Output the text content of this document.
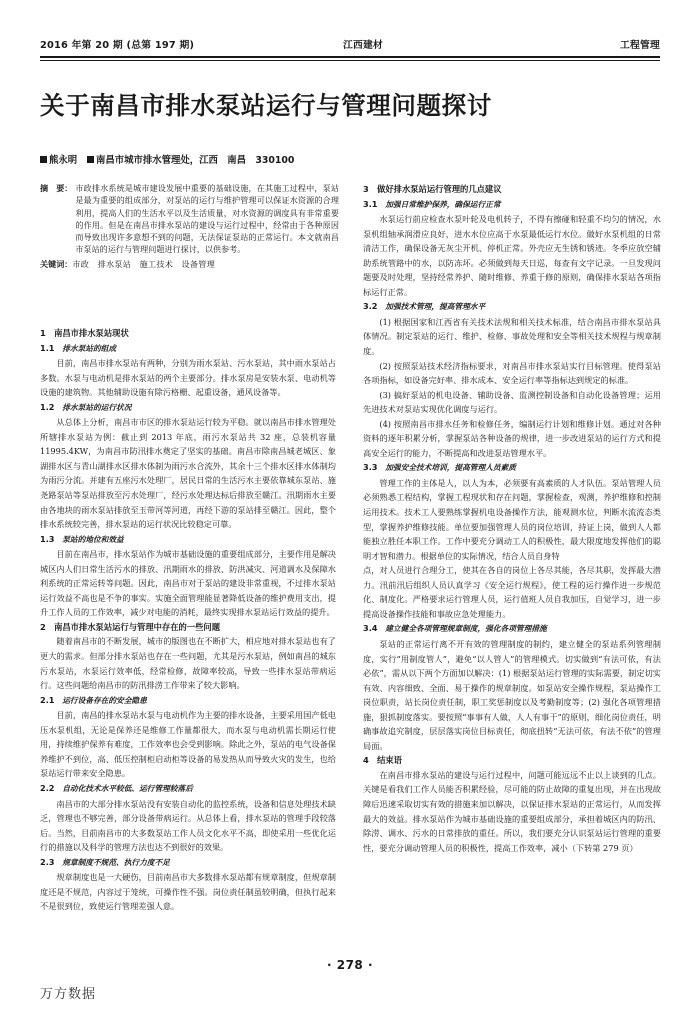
2016 年第 20 期 (总第 197 期)	江西建材	工程管理
关于南昌市排水泵站运行与管理问题探讨
熊永明 南昌市城市排水管理处，江西　南昌　330100
摘　要： 市政排水系统是城市建设发展中重要的基础设施，在其施工过程中，泵站是最为重要的组成部分，对泵站的运行与维护管理可以保证水资源的合理利用，提高人们的生活水平以及生活质量，对水资源的调度具有非常重要的作用。但是在南昌市排水泵站的建设与运行过程中，经常由于各种原因而导致出现许多意想不到的问题，无法保证泵站的正常运行。本文就南昌市泵站的运行与管理问题进行探讨，以供参考。
关键词： 市政　排水泵站　施工技术　设备管理
1　南昌市排水泵站现状
1.1  排水泵站的组成
目前，南昌市排水泵站有两种，分别为雨水泵站、污水泵站，其中雨水泵站占多数。水泵与电动机是排水泵站的两个主要部分。排水泵房是安装水泵、电动机等设施的建筑物。其他辅助设施有除污格栅、起重设备，通风设备等。
1.2  排水泵站的运行状况
从总体上分析，南昌市市区的排水泵站运行较为平稳。就以南昌市排水管理处所辖排水泵站为例：截止到 2013 年底，雨污水泵站共 32 座，总装机容量 11995.4KW，为南昌市防汛排水奠定了坚实的基础。南昌市除南昌城老城区、象湖排水区与青山湖排水区排水体制为雨污水合流外，其余十三个排水区排水体制均为雨污分流。并建有五座污水处理厂，居民日常的生活污水主要依靠城东泵站、施尧路泵站等泵站排放至污水处理厂，经污水处理达标后排放至赣江。汛期雨水主要由各地块的雨水泵站排放至玉带河等河道，再经下游的泵站排至赣江。因此，整个排水系统较完善，排水泵站的运行状况比较稳定可靠。
1.3  泵站的地位和效益
目前在南昌市，排水泵站作为城市基础设施的重要组成部分，主要作用是解决城区内人们日常生活污水的排放、汛期雨水的排放、防洪减灾、河道调水及保障水利系统的正常运转等问题。因此，南昌市对于泵站的建设非常重视，不过排水泵站运行效益不高也是不争的事实。实施全面管理能显著降低设备的维护费用支出，提升工作人员的工作效率，减少对电能的消耗，最终实现排水泵站运行效益的提升。
2　南昌市排水泵站运行与管理中存在的一些问题
随着南昌市的不断发展，城市的版图也在不断扩大，相应地对排水泵站也有了更大的需求。但部分排水泵站也存在一些问题，尤其是污水泵站，例如南昌的城东污水泵站，水泵运行效率低，经常检修，故障率较高，导致一些排水泵站带病运行。这些问题给南昌市的防汛排涝工作带来了较大影响。
2.1  运行设备存在的安全隐患
目前，南昌的排水泵站水泵与电动机作为主要的排水设备，主要采用国产低电压水泵机组，无论是保养还是维修工作量都很大，而水泵与电动机需长期运行使用，持续维护保养有难度，工作效率也会受到影响。除此之外，泵站的电气设备保养维护不到位，高、低压控制柜启动柜等设备的易发热从而导致火灾的发生，也给泵站运行带来安全隐患。
2.2  自动化技术水平较低、运行管理较落后
南昌市的大部分排水泵站没有安装自动化的监控系统，设备和信息处理技术缺乏，管理也不够完善，部分设备带病运行。从总体上看，排水泵站的管理手段较落后。当然，目前南昌市的大多数泵站工作人员文化水平不高，即使采用一些优化运行的措施以及科学的管理方法也达不到很好的效果。
2.3  规章制度不规范、执行力度不足
规章制度也是一大硬伤，目前南昌市大多数排水泵站都有规章制度，但规章制度还是不规范，内容过于笼统，可操作性不强。岗位责任制虽较明确，但执行起来不是很到位，致使运行管理差强人意。
3　做好排水泵站运行管理的几点建议
3.1  加强日常维护保养，确保运行正常
水泵运行前应检查水泵叶轮及电机转子，不得有擦碰和轻重不均匀的情况，水泵机组轴承润滑应良好，进水水位应高于水泵最低运行水位。做好水泵机组的日常清洁工作，确保设备无灰尘开机、停机正常。外壳应无生锈和锈迹。冬季应放空辅助系统管路中的水，以防冻坏。必须做到每天日巡，每查有文字记录。一旦发现问题要及时处理，坚持经常养护、随时维修、养重于修的原则，确保排水泵站各项指标运行正常。
3.2  加强技术管理，提高管理水平
(1) 根据国家和江西省有关技术法规和相关技术标准，结合南昌市排水泵站具体情况。制定泵站的运行、维护、检修、事故处理和安全等相关技术规程与规章制度。
(2) 按照泵站技术经济指标要求，对南昌市排水泵站实行目标管理。使得泵站各项指标，如设备完好率、排水成本、安全运行率等指标达到规定的标准。
(3) 搞好泵站的机电设备、辅助设备、监测控制设备和自动化设备管理；运用先进技术对泵站实现优化调度与运行。
(4) 按照南昌市排水任务和检修任务，编制运行计划和维修计划。通过对各种资料的逐年积累分析，掌握泵站各种设备的规律，进一步改进泵站的运行方式和提高安全运行的能力，不断提高和改进泵站管理水平。
3.3  加强安全技术培训，提高管理人员素质
管理工作的主体是人，以人为本，必须要有高素质的人才队伍。泵站管理人员必须熟悉工程结构，掌握工程现状和存在问题，掌握检查，观测，养护维修和控制运用技术。技术工人要熟练掌握机电设备操作方法，能观测水位，判断水流流态类型，掌握养护维修技能。单位要加强管理人员的岗位培训，持证上岗，做到人人都能独立胜任本职工作。工作中要充分调动工人的积极性，最大限度地发挥他们的聪明才智和潜力。根据单位的实际情况，结合人员自身特
点，对人员进行合理分工，使其在各自的岗位上各尽其能，各尽其职，发挥最大潜力。汛前汛后组织人员认真学习《安全运行规程》，使工程的运行操作进一步规范化、制度化。严格要求运行管理人员，运行值班人员自我加压，自觉学习，进一步提高设备操作技能和事故应急处理能力。
3.4  建立健全各项管理规章制度，强化各项管理措施
泵站的正常运行离不开有效的管理制度的制约，建立健全的泵站系列管理制度，实行“用制度管人”，避免“以人管人”的管理模式。切实做到“有法可依，有法必依”，需从以下两个方面加以解决：(1) 根据泵站运行管理的实际需要，制定切实有效、内容细致、全面、易于操作的规章制度。如泵站安全操作规程，泵站操作工岗位职责，站长岗位责任制，职工奖惩制度以及考勤制度等；(2) 强化各项管理措施，狠抓制度落实。要按照“事事有人做，人人有事干”的原则，细化岗位责任，明确事故追究制度，层层落实岗位目标责任，彻底扭转“无法可依，有法不依”的管理局面。
4　结束语
在南昌市排水泵站的建设与运行过程中，问题可能远远不止以上谈到的几点。关键是看我们工作人员能否积累经验，尽可能的防止故障的重复出现，并在出现故障后迅速采取切实有效的措施来加以解决，以保证排水泵站的正常运行，从而发挥最大的效益。排水泵站作为城市基础设施的重要组成部分，承担着城区内的防汛、除涝、调水、污水的日常排放的重任。所以，我们要充分认识泵站运行管理的重要性，要充分调动管理人员的积极性，提高工作效率，减小（下转第 279 页）
· 278 ·
万方数据
